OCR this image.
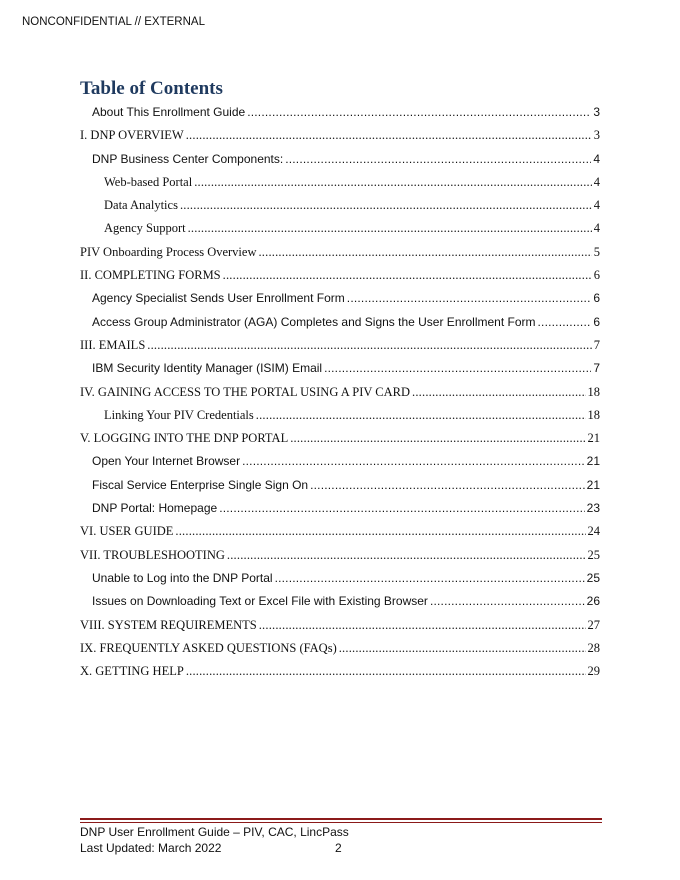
NONCONFIDENTIAL // EXTERNAL
Table of Contents
About This Enrollment Guide .....	3
I. DNP OVERVIEW .....	3
DNP Business Center Components: .....	4
Web-based Portal .....	4
Data Analytics .....	4
Agency Support .....	4
PIV Onboarding Process Overview .....	5
II. COMPLETING FORMS .....	6
Agency Specialist Sends User Enrollment Form .....	6
Access Group Administrator (AGA) Completes and Signs the User Enrollment Form .....	6
III. EMAILS .....	7
IBM Security Identity Manager (ISIM) Email .....	7
IV. GAINING ACCESS TO THE PORTAL USING A PIV CARD .....	18
Linking Your PIV Credentials .....	18
V. LOGGING INTO THE DNP PORTAL .....	21
Open Your Internet Browser .....	21
Fiscal Service Enterprise Single Sign On .....	21
DNP Portal: Homepage .....	23
VI. USER GUIDE .....	24
VII. TROUBLESHOOTING .....	25
Unable to Log into the DNP Portal .....	25
Issues on Downloading Text or Excel File with Existing Browser .....	26
VIII. SYSTEM REQUIREMENTS .....	27
IX. FREQUENTLY ASKED QUESTIONS (FAQs) .....	28
X. GETTING HELP .....	29
DNP User Enrollment Guide – PIV, CAC, LincPass
Last Updated: March 2022	2
